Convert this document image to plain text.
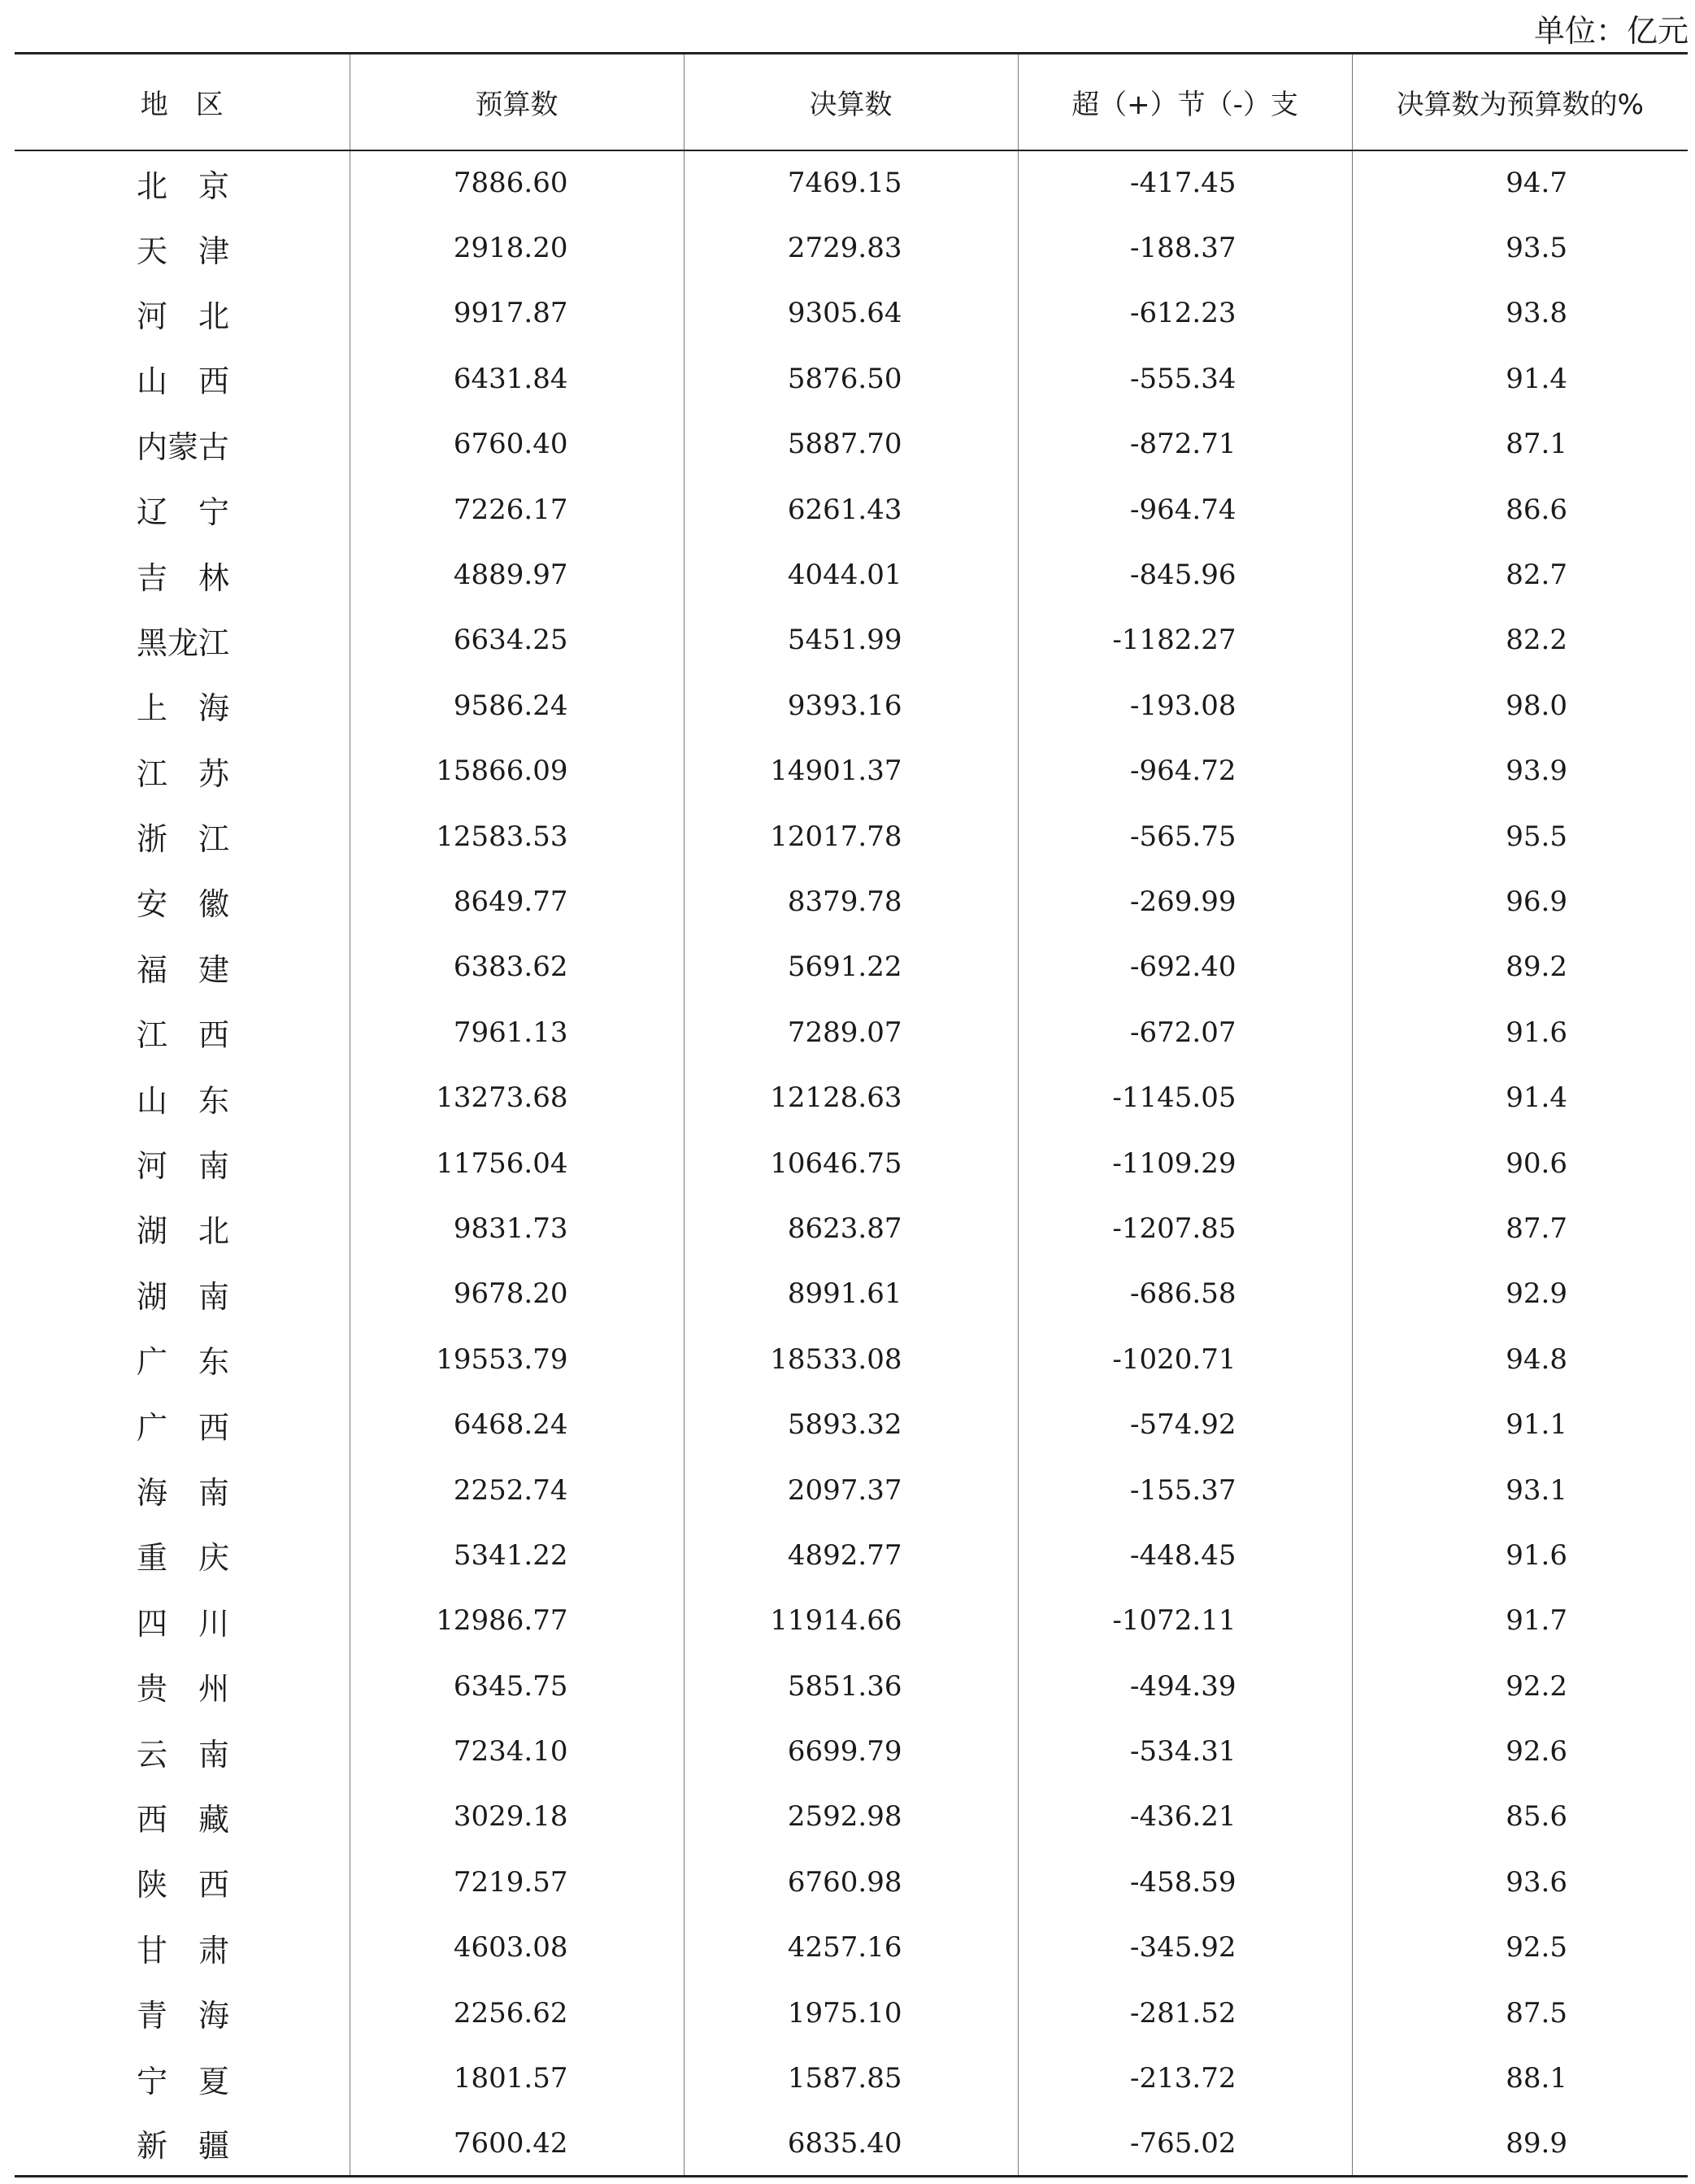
单位：亿元
地　区	预算数	决算数	超（+）节（-）支	决算数为预算数的%
北　京	7886.60	7469.15	-417.45	94.7
天　津	2918.20	2729.83	-188.37	93.5
河　北	9917.87	9305.64	-612.23	93.8
山　西	6431.84	5876.50	-555.34	91.4
内蒙古	6760.40	5887.70	-872.71	87.1
辽　宁	7226.17	6261.43	-964.74	86.6
吉　林	4889.97	4044.01	-845.96	82.7
黑龙江	6634.25	5451.99	-1182.27	82.2
上　海	9586.24	9393.16	-193.08	98.0
江　苏	15866.09	14901.37	-964.72	93.9
浙　江	12583.53	12017.78	-565.75	95.5
安　徽	8649.77	8379.78	-269.99	96.9
福　建	6383.62	5691.22	-692.40	89.2
江　西	7961.13	7289.07	-672.07	91.6
山　东	13273.68	12128.63	-1145.05	91.4
河　南	11756.04	10646.75	-1109.29	90.6
湖　北	9831.73	8623.87	-1207.85	87.7
湖　南	9678.20	8991.61	-686.58	92.9
广　东	19553.79	18533.08	-1020.71	94.8
广　西	6468.24	5893.32	-574.92	91.1
海　南	2252.74	2097.37	-155.37	93.1
重　庆	5341.22	4892.77	-448.45	91.6
四　川	12986.77	11914.66	-1072.11	91.7
贵　州	6345.75	5851.36	-494.39	92.2
云　南	7234.10	6699.79	-534.31	92.6
西　藏	3029.18	2592.98	-436.21	85.6
陕　西	7219.57	6760.98	-458.59	93.6
甘　肃	4603.08	4257.16	-345.92	92.5
青　海	2256.62	1975.10	-281.52	87.5
宁　夏	1801.57	1587.85	-213.72	88.1
新　疆	7600.42	6835.40	-765.02	89.9
